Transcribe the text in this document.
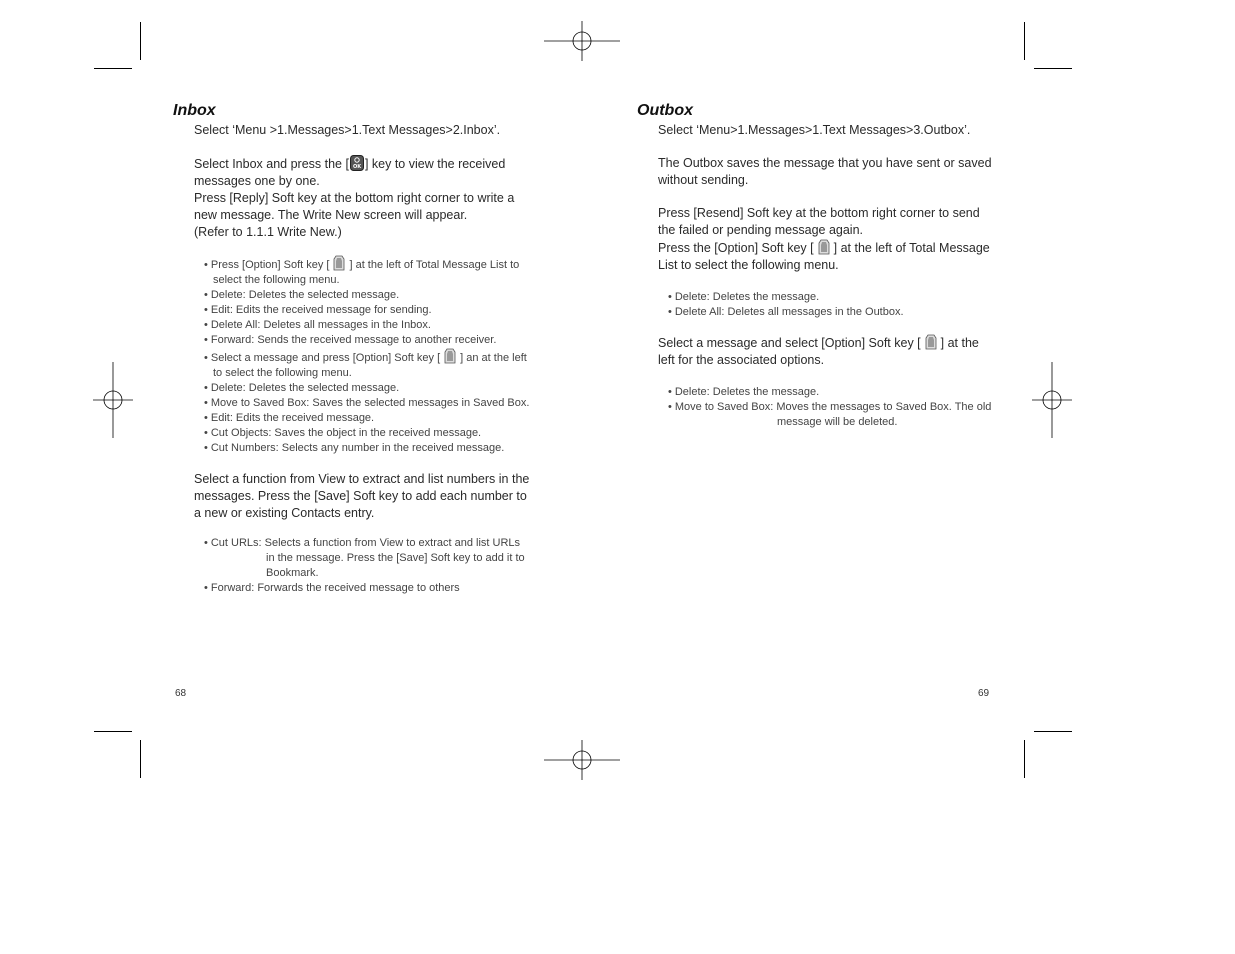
Inbox

Select ‘Menu >1.Messages>1.Text Messages>2.Inbox’.

Select Inbox and press the [ OK ] key to view the received messages one by one.

Press [Reply] Soft key at the bottom right corner to write a new message. The Write New screen will appear.

(Refer to 1.1.1 Write New.)

• Press [Option] Soft key [ ] at the left of Total Message List to select the following menu.
• Delete: Deletes the selected message.
• Edit: Edits the received message for sending.
• Delete All: Deletes all messages in the Inbox.
• Forward: Sends the received message to another receiver.
• Select a message and press [Option] Soft key [ ] an at the left
to select the following menu.
• Delete: Deletes the selected message.
• Move to Saved Box: Saves the selected messages in Saved Box.
• Edit: Edits the received message.
• Cut Objects: Saves the object in the received message.
• Cut Numbers: Selects any number in the received message.

Select a function from View to extract and list numbers in the messages. Press the [Save] Soft key to add each number to a new or existing Contacts entry.

• Cut URLs: Selects a function from View to extract and list URLs
in the message. Press the [Save] Soft key to add it to Bookmark.
• Forward: Forwards the received message to others
Outbox

Select ‘Menu>1.Messages>1.Text Messages>3.Outbox’.

The Outbox saves the message that you have sent or saved without sending.

Press [Resend] Soft key at the bottom right corner to send the failed or pending message again.

Press the [Option] Soft key [ ] at the left of Total Message List to select the following menu.

• Delete: Deletes the message.
• Delete All: Deletes all messages in the Outbox.

Select a message and select [Option] Soft key [ ] at the left for the associated options.

• Delete: Deletes the message.
• Move to Saved Box: Moves the messages to Saved Box. The old
message will be deleted.
68	69
